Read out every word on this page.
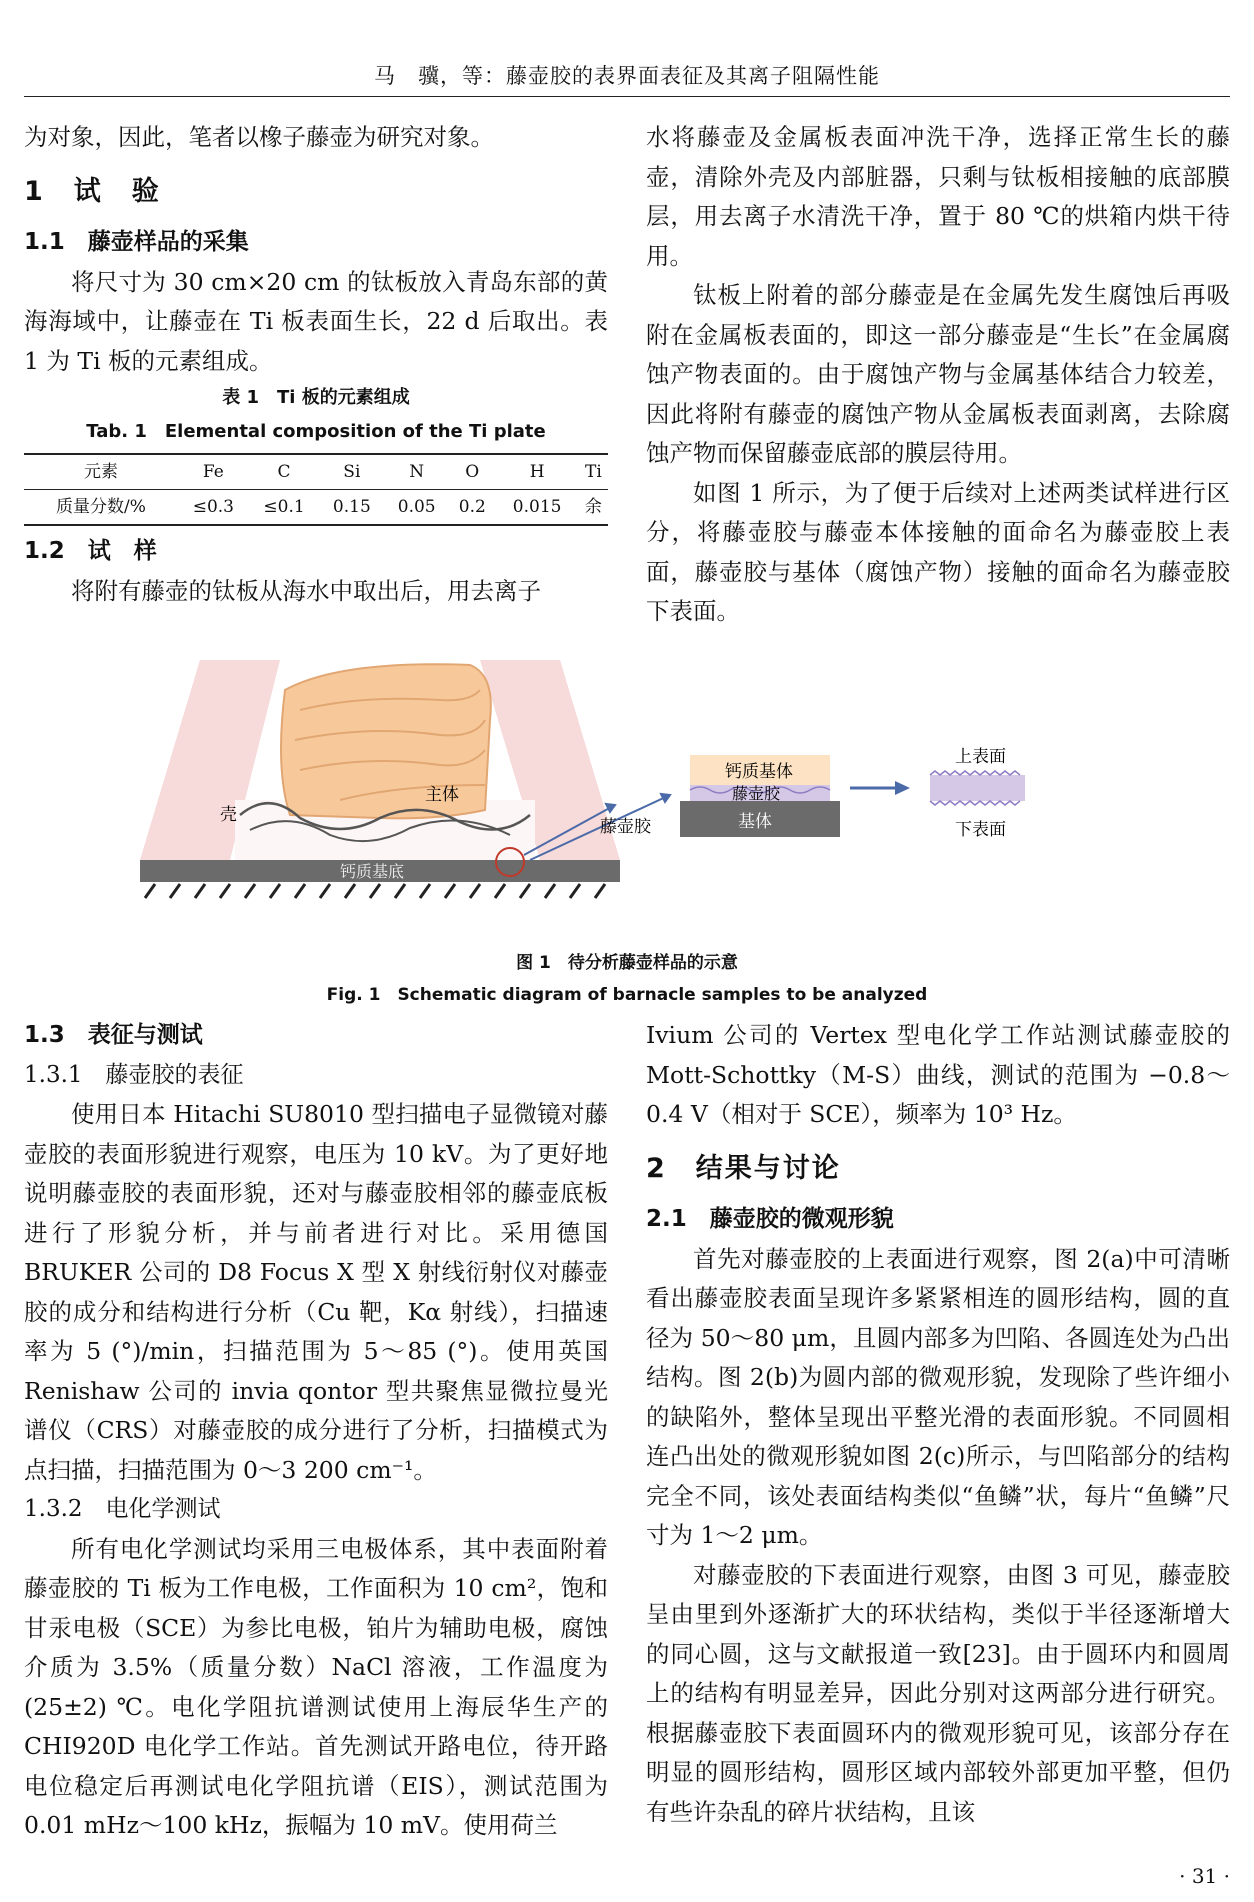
马　骥，等：藤壶胶的表界面表征及其离子阻隔性能

为对象，因此，笔者以橡子藤壶为研究对象。

1　试　验

1.1　藤壶样品的采集

将尺寸为 30 cm×20 cm 的钛板放入青岛东部的黄海海域中，让藤壶在 Ti 板表面生长，22 d 后取出。表 1 为 Ti 板的元素组成。

表 1　Ti 板的元素组成
Tab. 1　Elemental composition of the Ti plate
元素	Fe	C	Si	N	O	H	Ti
质量分数/%	≤0.3	≤0.1	0.15	0.05	0.2	0.015	余

1.2　试　样

将附有藤壶的钛板从海水中取出后，用去离子

水将藤壶及金属板表面冲洗干净，选择正常生长的藤壶，清除外壳及内部脏器，只剩与钛板相接触的底部膜层，用去离子水清洗干净，置于 80 ℃的烘箱内烘干待用。

钛板上附着的部分藤壶是在金属先发生腐蚀后再吸附在金属板表面的，即这一部分藤壶是“生长”在金属腐蚀产物表面的。由于腐蚀产物与金属基体结合力较差，因此将附有藤壶的腐蚀产物从金属板表面剥离，去除腐蚀产物而保留藤壶底部的膜层待用。

如图 1 所示，为了便于后续对上述两类试样进行区分，将藤壶胶与藤壶本体接触的面命名为藤壶胶上表面，藤壶胶与基体（腐蚀产物）接触的面命名为藤壶胶下表面。

壳
主体
钙质基底
藤壶胶
钙质基体
藤壶胶
基体
上表面
下表面
图 1　待分析藤壶样品的示意
Fig. 1　Schematic diagram of barnacle samples to be analyzed

1.3　表征与测试

1.3.1　藤壶胶的表征

使用日本 Hitachi SU8010 型扫描电子显微镜对藤壶胶的表面形貌进行观察，电压为 10 kV。为了更好地说明藤壶胶的表面形貌，还对与藤壶胶相邻的藤壶底板进行了形貌分析，并与前者进行对比。采用德国 BRUKER 公司的 D8 Focus X 型 X 射线衍射仪对藤壶胶的成分和结构进行分析（Cu 靶，Kα 射线），扫描速率为 5 (°)/min，扫描范围为 5～85 (°)。使用英国 Renishaw 公司的 invia qontor 型共聚焦显微拉曼光谱仪（CRS）对藤壶胶的成分进行了分析，扫描模式为点扫描，扫描范围为 0～3 200 cm⁻¹。

1.3.2　电化学测试

所有电化学测试均采用三电极体系，其中表面附着藤壶胶的 Ti 板为工作电极，工作面积为 10 cm²，饱和甘汞电极（SCE）为参比电极，铂片为辅助电极，腐蚀介质为 3.5%（质量分数）NaCl 溶液，工作温度为 (25±2) ℃。电化学阻抗谱测试使用上海辰华生产的 CHI920D 电化学工作站。首先测试开路电位，待开路电位稳定后再测试电化学阻抗谱（EIS），测试范围为 0.01 mHz～100 kHz，振幅为 10 mV。使用荷兰

Ivium 公司的 Vertex 型电化学工作站测试藤壶胶的 Mott-Schottky（M-S）曲线，测试的范围为 −0.8～0.4 V（相对于 SCE），频率为 10³ Hz。

2　结果与讨论

2.1　藤壶胶的微观形貌

首先对藤壶胶的上表面进行观察，图 2(a)中可清晰看出藤壶胶表面呈现许多紧紧相连的圆形结构，圆的直径为 50～80 μm，且圆内部多为凹陷、各圆连处为凸出结构。图 2(b)为圆内部的微观形貌，发现除了些许细小的缺陷外，整体呈现出平整光滑的表面形貌。不同圆相连凸出处的微观形貌如图 2(c)所示，与凹陷部分的结构完全不同，该处表面结构类似“鱼鳞”状，每片“鱼鳞”尺寸为 1～2 μm。

对藤壶胶的下表面进行观察，由图 3 可见，藤壶胶呈由里到外逐渐扩大的环状结构，类似于半径逐渐增大的同心圆，这与文献报道一致[23]。由于圆环内和圆周上的结构有明显差异，因此分别对这两部分进行研究。根据藤壶胶下表面圆环内的微观形貌可见，该部分存在明显的圆形结构，圆形区域内部较外部更加平整，但仍有些许杂乱的碎片状结构，且该

· 31 ·
